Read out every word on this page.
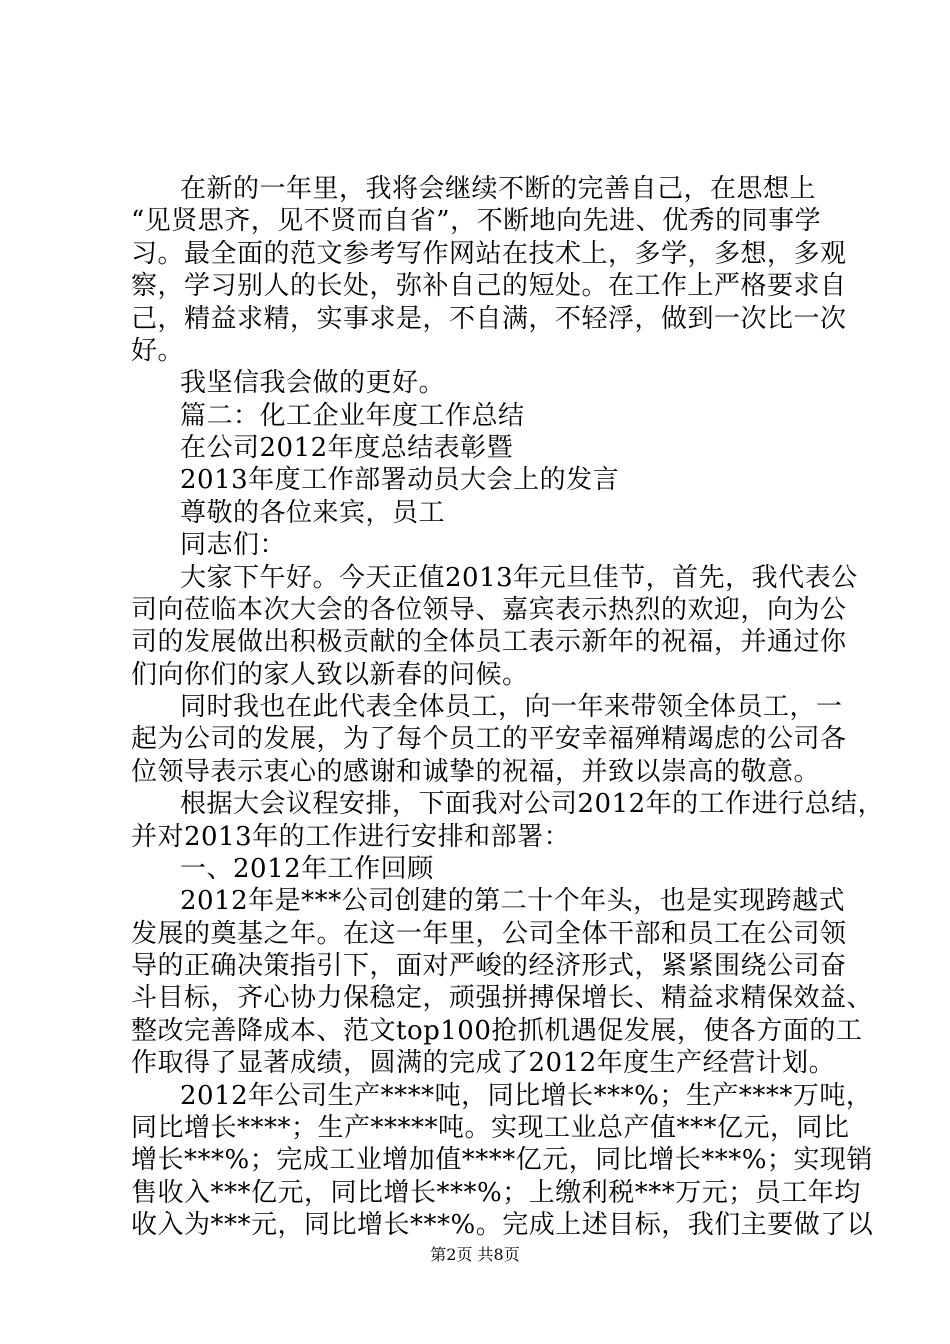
在新的一年里，我将会继续不断的完善自己，在思想上
“见贤思齐，见不贤而自省”，不断地向先进、优秀的同事学
习。最全面的范文参考写作网站在技术上，多学，多想，多观
察，学习别人的长处，弥补自己的短处。在工作上严格要求自
己，精益求精，实事求是，不自满，不轻浮，做到一次比一次
好。
我坚信我会做的更好。
篇二：化工企业年度工作总结
在公司2012年度总结表彰暨
2013年度工作部署动员大会上的发言
尊敬的各位来宾，员工
同志们：
大家下午好。今天正值2013年元旦佳节，首先，我代表公
司向莅临本次大会的各位领导、嘉宾表示热烈的欢迎，向为公
司的发展做出积极贡献的全体员工表示新年的祝福，并通过你
们向你们的家人致以新春的问候。
同时我也在此代表全体员工，向一年来带领全体员工，一
起为公司的发展，为了每个员工的平安幸福殚精竭虑的公司各
位领导表示衷心的感谢和诚挚的祝福，并致以崇高的敬意。
根据大会议程安排，下面我对公司2012年的工作进行总结，
并对2013年的工作进行安排和部署：
一、2012年工作回顾
2012年是***公司创建的第二十个年头，也是实现跨越式
发展的奠基之年。在这一年里，公司全体干部和员工在公司领
导的正确决策指引下，面对严峻的经济形式，紧紧围绕公司奋
斗目标，齐心协力保稳定，顽强拼搏保增长、精益求精保效益、
整改完善降成本、范文top100抢抓机遇促发展，使各方面的工
作取得了显著成绩，圆满的完成了2012年度生产经营计划。
2012年公司生产****吨，同比增长***%；生产****万吨，
同比增长****；生产*****吨。实现工业总产值***亿元，同比
增长***%；完成工业增加值****亿元，同比增长***%；实现销
售收入***亿元，同比增长***%；上缴利税***万元；员工年均
收入为***元，同比增长***%。完成上述目标，我们主要做了以
第2页 共8页
